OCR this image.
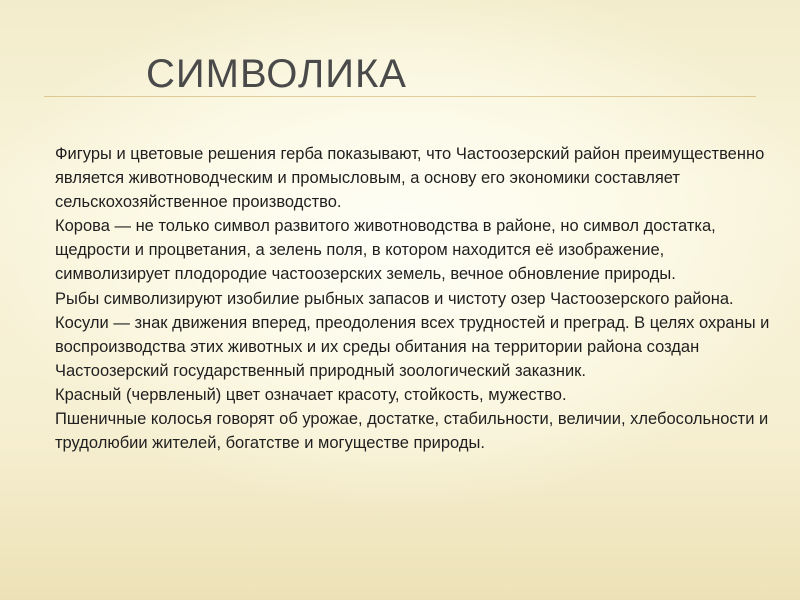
СИМВОЛИКА

Фигуры и цветовые решения герба показывают, что Частоозерский район преимущественно является животноводческим и промысловым, а основу его экономики составляет сельскохозяйственное производство.

Корова — не только символ развитого животноводства в районе, но символ достатка, щедрости и процветания, а зелень поля, в котором находится её изображение, символизирует плодородие частоозерских земель, вечное обновление природы.

Рыбы символизируют изобилие рыбных запасов и чистоту озер Частоозерского района.

Косули — знак движения вперед, преодоления всех трудностей и преград. В целях охраны и воспроизводства этих животных и их среды обитания на территории района создан Частоозерский государственный природный зоологический заказник.

Красный (червленый) цвет означает красоту, стойкость, мужество.

Пшеничные колосья говорят об урожае, достатке, стабильности, величии, хлебосольности и трудолюбии жителей, богатстве и могуществе природы.
